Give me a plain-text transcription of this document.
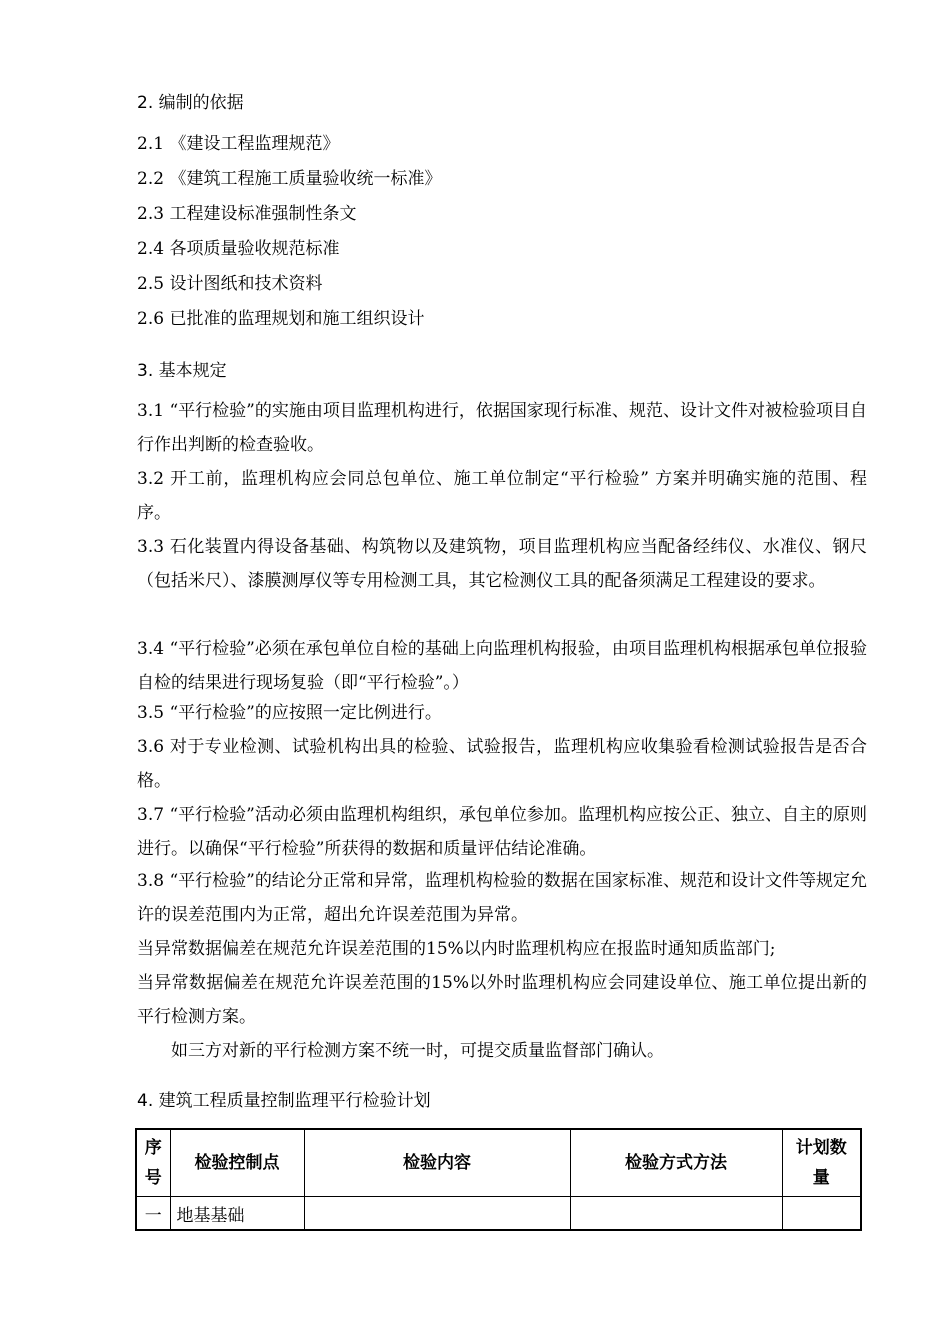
2. 编制的依据
2.1 《建设工程监理规范》
2.2 《建筑工程施工质量验收统一标准》
2.3 工程建设标准强制性条文
2.4 各项质量验收规范标准
2.5 设计图纸和技术资料
2.6 已批准的监理规划和施工组织设计
3. 基本规定
3.1 “平行检验”的实施由项目监理机构进行，依据国家现行标准、规范、设计文件对被检验项目自行作出判断的检查验收。
3.2 开工前，监理机构应会同总包单位、施工单位制定“平行检验” 方案并明确实施的范围、程序。
3.3 石化装置内得设备基础、构筑物以及建筑物，项目监理机构应当配备经纬仪、水准仪、钢尺（包括米尺）、漆膜测厚仪等专用检测工具，其它检测仪工具的配备须满足工程建设的要求。
3.4 “平行检验”必须在承包单位自检的基础上向监理机构报验，由项目监理机构根据承包单位报验自检的结果进行现场复验（即“平行检验”。）
3.5 “平行检验”的应按照一定比例进行。
3.6 对于专业检测、试验机构出具的检验、试验报告，监理机构应收集验看检测试验报告是否合格。
3.7 “平行检验”活动必须由监理机构组织，承包单位参加。监理机构应按公正、独立、自主的原则进行。以确保“平行检验”所获得的数据和质量评估结论准确。
3.8 “平行检验”的结论分正常和异常，监理机构检验的数据在国家标准、规范和设计文件等规定允许的误差范围内为正常，超出允许误差范围为异常。
当异常数据偏差在规范允许误差范围的15%以内时监理机构应在报监时通知质监部门;
当异常数据偏差在规范允许误差范围的15%以外时监理机构应会同建设单位、施工单位提出新的平行检测方案。
如三方对新的平行检测方案不统一时，可提交质量监督部门确认。
4. 建筑工程质量控制监理平行检验计划
序号	检验控制点	检验内容	检验方式方法	计划数量
一	地基基础			
